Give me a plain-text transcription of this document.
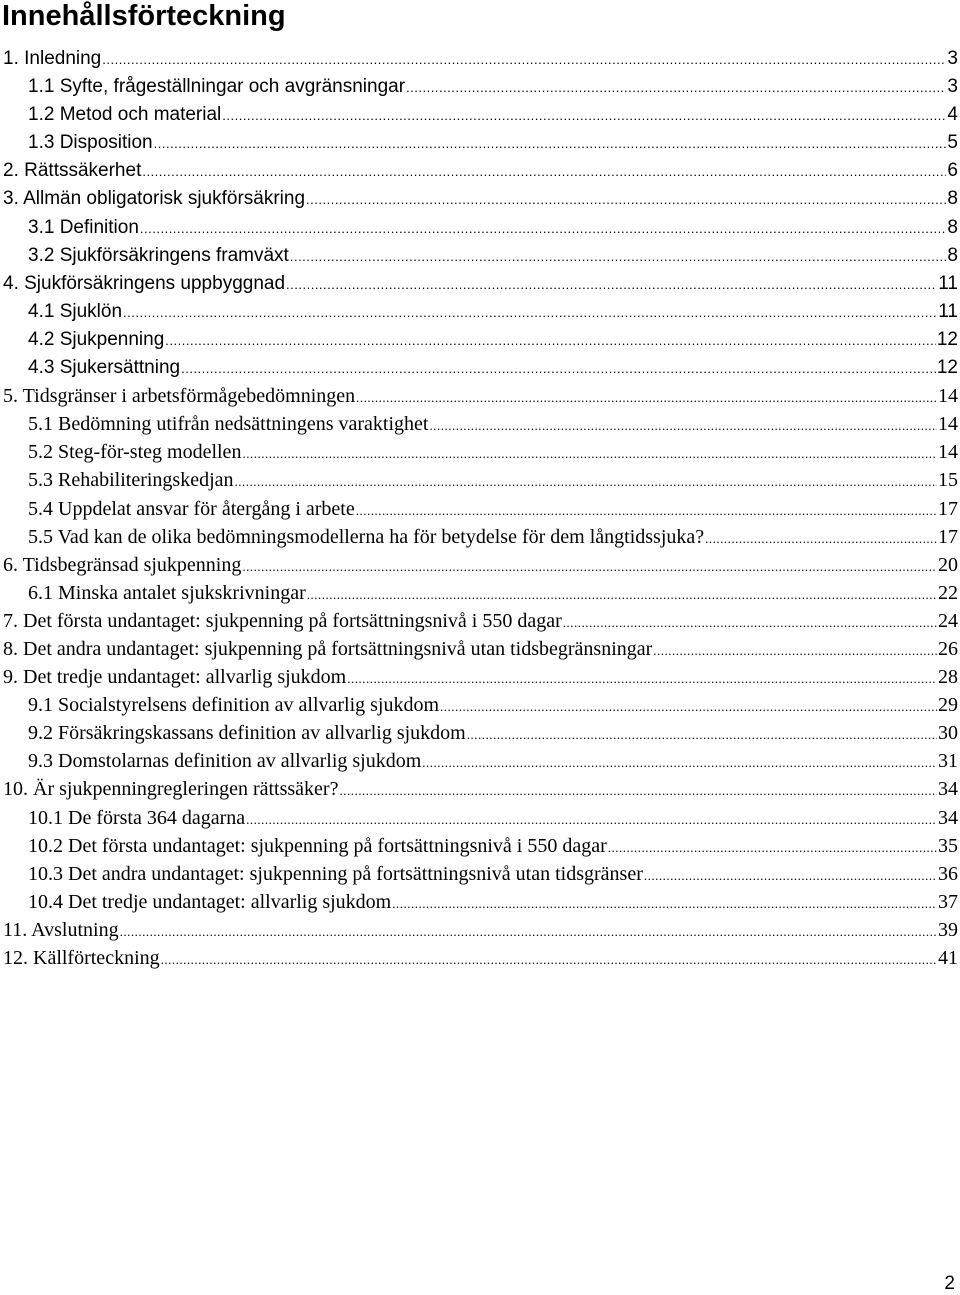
Innehållsförteckning
1. Inledning .....	3
1.1 Syfte, frågeställningar och avgränsningar .....	3
1.2 Metod och material .....	4
1.3 Disposition .....	5
2. Rättssäkerhet .....	6
3. Allmän obligatorisk sjukförsäkring .....	8
3.1 Definition .....	8
3.2 Sjukförsäkringens framväxt .....	8
4. Sjukförsäkringens uppbyggnad .....	11
4.1 Sjuklön .....	11
4.2 Sjukpenning .....	12
4.3 Sjukersättning .....	12
5. Tidsgränser i arbetsförmågebedömningen .....	14
5.1 Bedömning utifrån nedsättningens varaktighet .....	14
5.2 Steg-för-steg modellen .....	14
5.3 Rehabiliteringskedjan .....	15
5.4 Uppdelat ansvar för återgång i arbete .....	17
5.5 Vad kan de olika bedömningsmodellerna ha för betydelse för dem långtidssjuka? .....	17
6. Tidsbegränsad sjukpenning .....	20
6.1 Minska antalet sjukskrivningar .....	22
7. Det första undantaget: sjukpenning på fortsättningsnivå i 550 dagar .....	24
8. Det andra undantaget: sjukpenning på fortsättningsnivå utan tidsbegränsningar .....	26
9. Det tredje undantaget: allvarlig sjukdom .....	28
9.1 Socialstyrelsens definition av allvarlig sjukdom .....	29
9.2 Försäkringskassans definition av allvarlig sjukdom .....	30
9.3 Domstolarnas definition av allvarlig sjukdom .....	31
10. Är sjukpenningregleringen rättssäker? .....	34
10.1 De första 364 dagarna .....	34
10.2 Det första undantaget: sjukpenning på fortsättningsnivå i 550 dagar .....	35
10.3 Det andra undantaget: sjukpenning på fortsättningsnivå utan tidsgränser .....	36
10.4 Det tredje undantaget: allvarlig sjukdom .....	37
11. Avslutning .....	39
12. Källförteckning .....	41
2
